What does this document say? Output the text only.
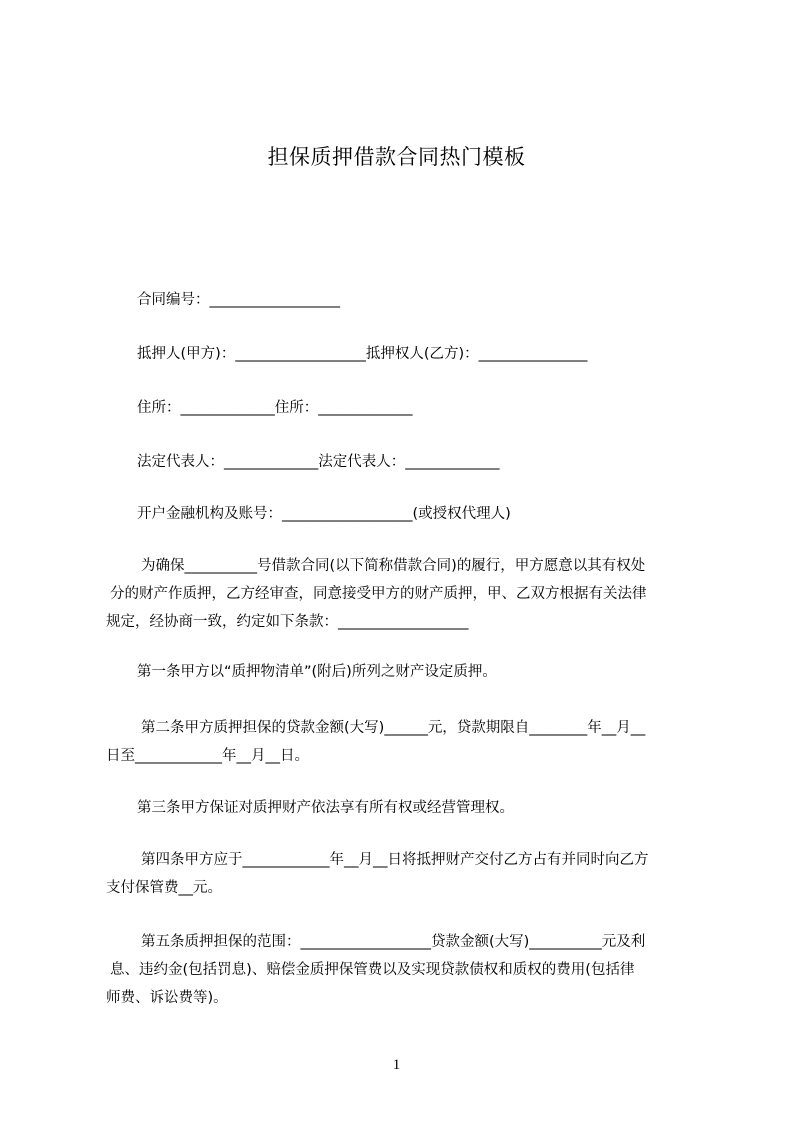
担保质押借款合同热门模板

合同编号：__________________

抵押人(甲方)：__________________抵押权人(乙方)：_______________

住所：_____________住所：_____________

法定代表人：_____________法定代表人：_____________

开户金融机构及账号：__________________(或授权代理人)

为确保__________号借款合同(以下简称借款合同)的履行，甲方愿意以其有权处
分的财产作质押，乙方经审查，同意接受甲方的财产质押，甲、乙双方根据有关法律
规定，经协商一致，约定如下条款：__________________

第一条甲方以“质押物清单”(附后)所列之财产设定质押。

第二条甲方质押担保的贷款金额(大写)______元，贷款期限自________年__月__
日至____________年__月__日。

第三条甲方保证对质押财产依法享有所有权或经营管理权。

第四条甲方应于____________年__月__日将抵押财产交付乙方占有并同时向乙方
支付保管费__元。

第五条质押担保的范围：__________________贷款金额(大写)__________元及利
息、违约金(包括罚息)、赔偿金质押保管费以及实现贷款债权和质权的费用(包括律
师费、诉讼费等)。

1
